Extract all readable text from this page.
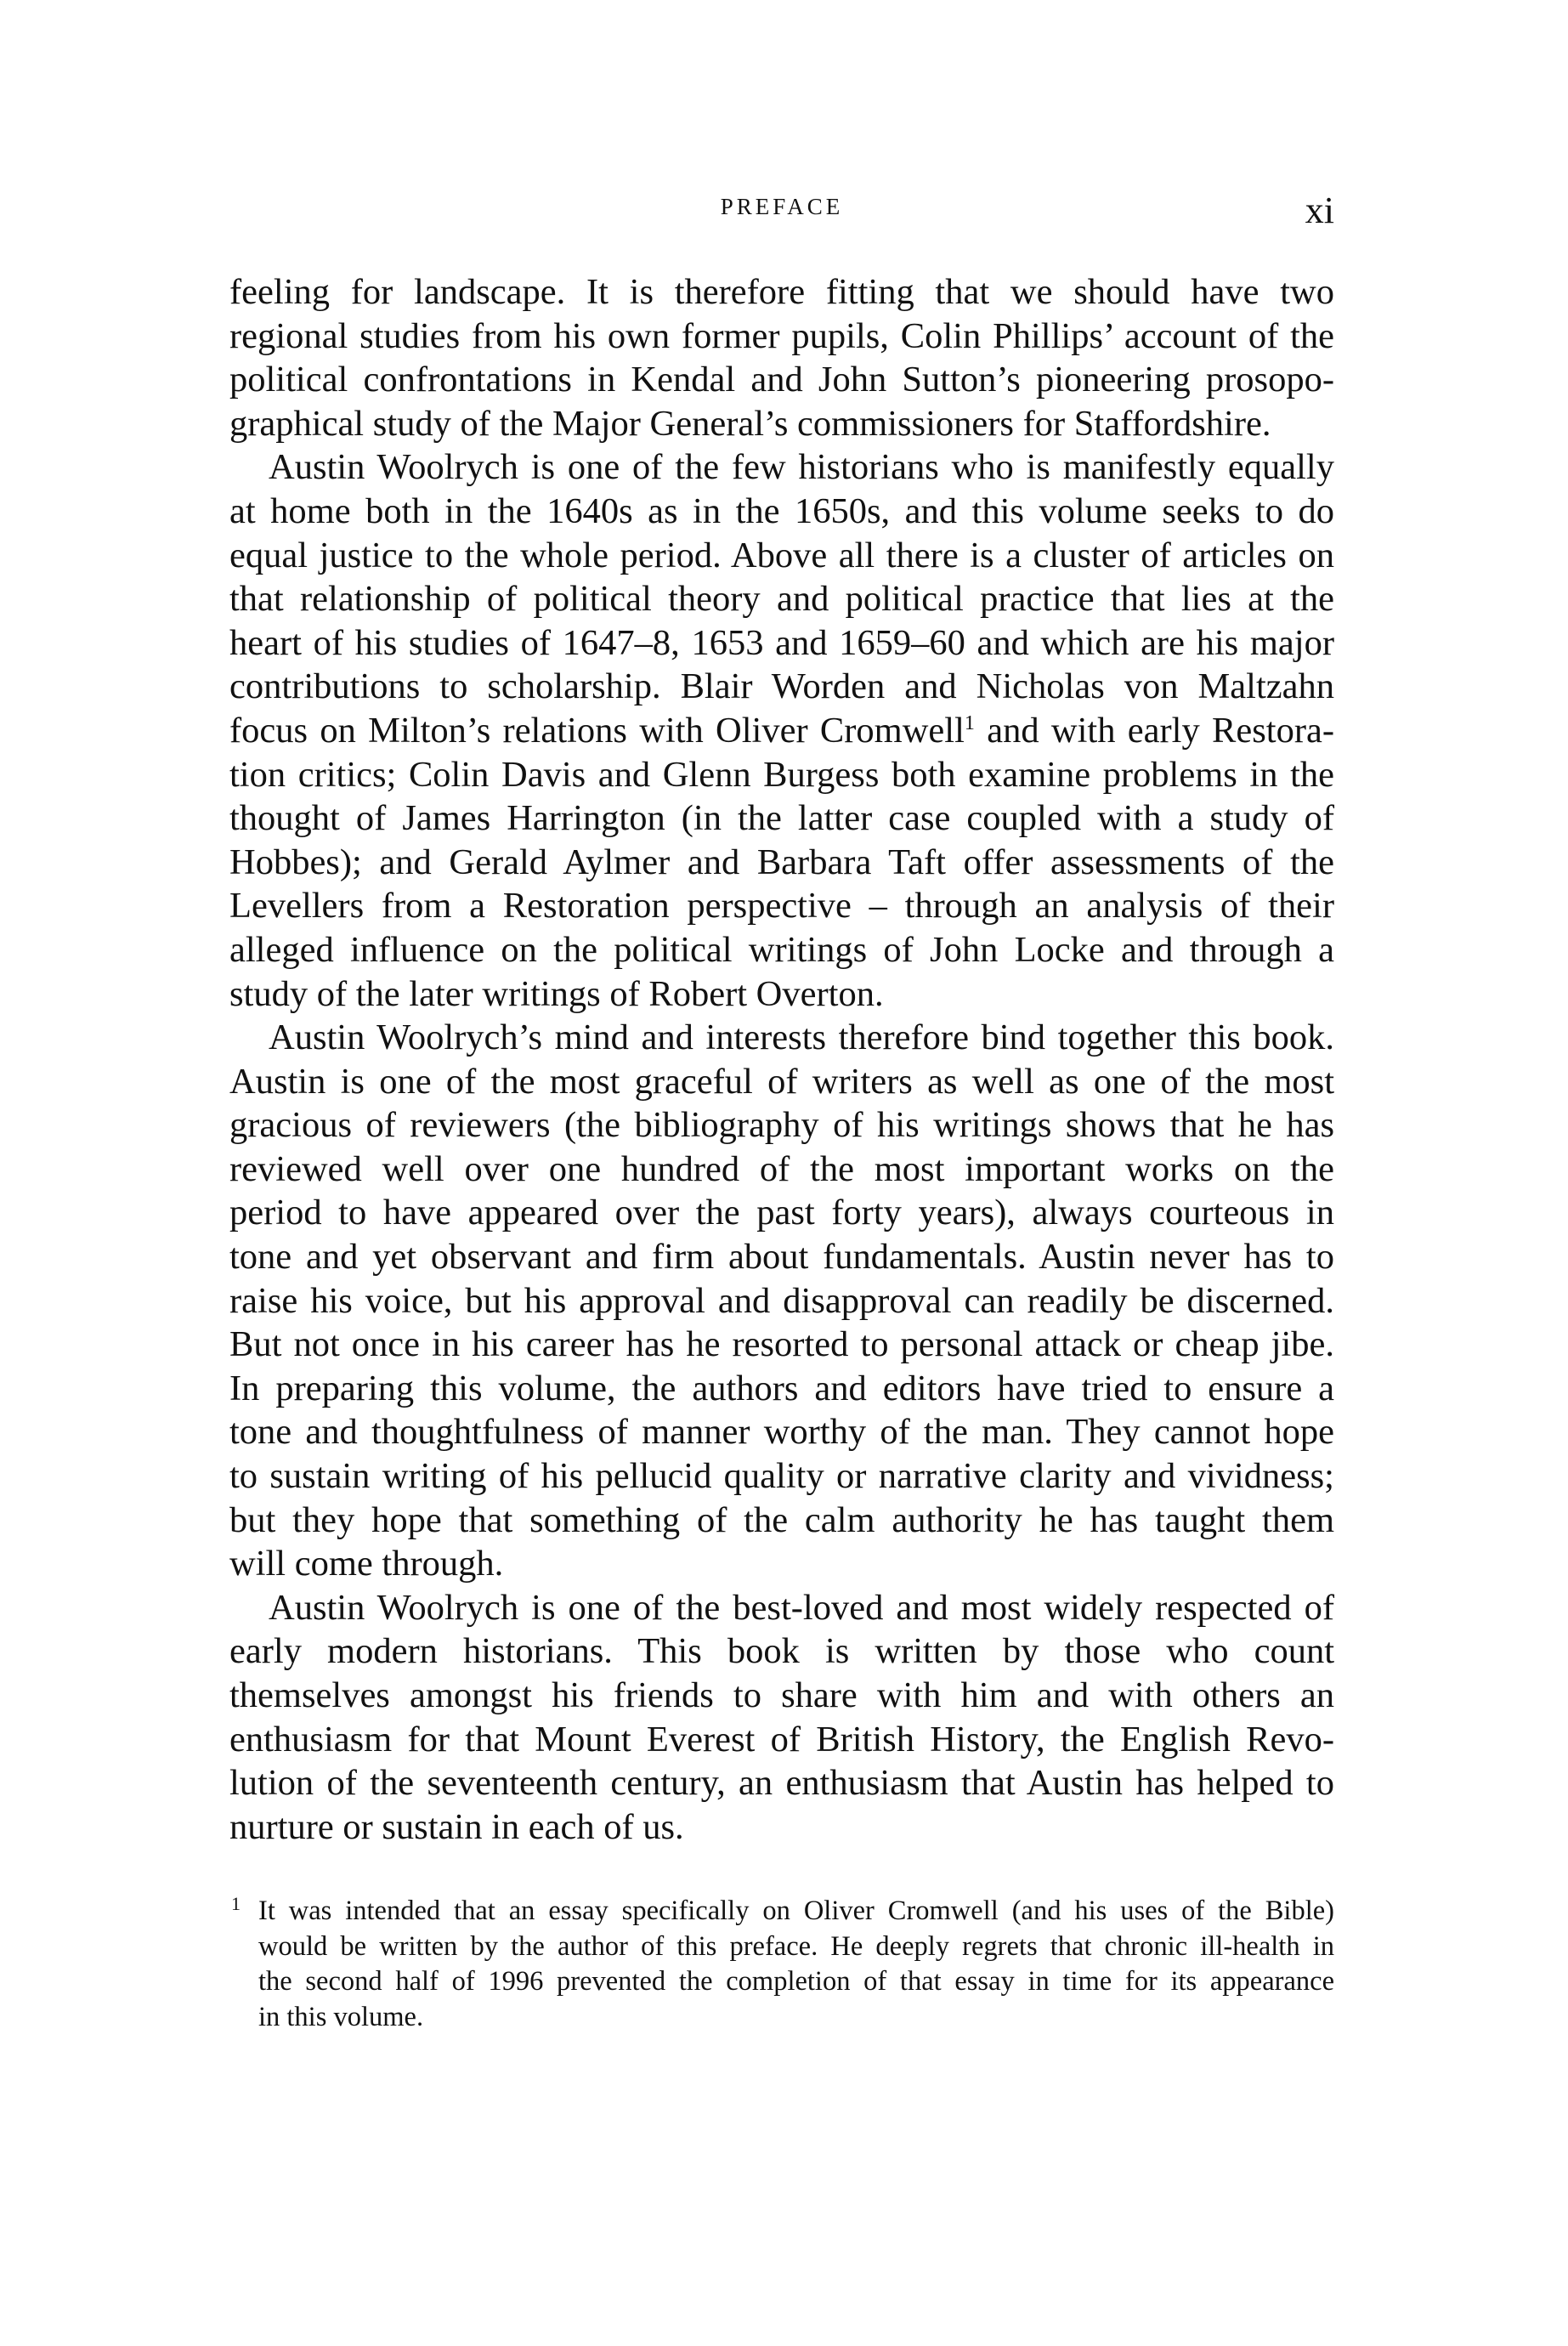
PREFACE	xi
feeling for landscape. It is therefore fitting that we should have two
regional studies from his own former pupils, Colin Phillips’ account of the
political confrontations in Kendal and John Sutton’s pioneering prosopo-
graphical study of the Major General’s commissioners for Staffordshire.
Austin Woolrych is one of the few historians who is manifestly equally
at home both in the 1640s as in the 1650s, and this volume seeks to do
equal justice to the whole period. Above all there is a cluster of articles on
that relationship of political theory and political practice that lies at the
heart of his studies of 1647–8, 1653 and 1659–60 and which are his major
contributions to scholarship. Blair Worden and Nicholas von Maltzahn
focus on Milton’s relations with Oliver Cromwell$^1$ and with early Restora-
tion critics; Colin Davis and Glenn Burgess both examine problems in the
thought of James Harrington (in the latter case coupled with a study of
Hobbes); and Gerald Aylmer and Barbara Taft offer assessments of the
Levellers from a Restoration perspective – through an analysis of their
alleged influence on the political writings of John Locke and through a
study of the later writings of Robert Overton.
Austin Woolrych’s mind and interests therefore bind together this book.
Austin is one of the most graceful of writers as well as one of the most
gracious of reviewers (the bibliography of his writings shows that he has
reviewed well over one hundred of the most important works on the
period to have appeared over the past forty years), always courteous in
tone and yet observant and firm about fundamentals. Austin never has to
raise his voice, but his approval and disapproval can readily be discerned.
But not once in his career has he resorted to personal attack or cheap jibe.
In preparing this volume, the authors and editors have tried to ensure a
tone and thoughtfulness of manner worthy of the man. They cannot hope
to sustain writing of his pellucid quality or narrative clarity and vividness;
but they hope that something of the calm authority he has taught them
will come through.
Austin Woolrych is one of the best-loved and most widely respected of
early modern historians. This book is written by those who count
themselves amongst his friends to share with him and with others an
enthusiasm for that Mount Everest of British History, the English Revo-
lution of the seventeenth century, an enthusiasm that Austin has helped to
nurture or sustain in each of us.
1 It was intended that an essay specifically on Oliver Cromwell (and his uses of the Bible)
would be written by the author of this preface. He deeply regrets that chronic ill-health in
the second half of 1996 prevented the completion of that essay in time for its appearance
in this volume.
